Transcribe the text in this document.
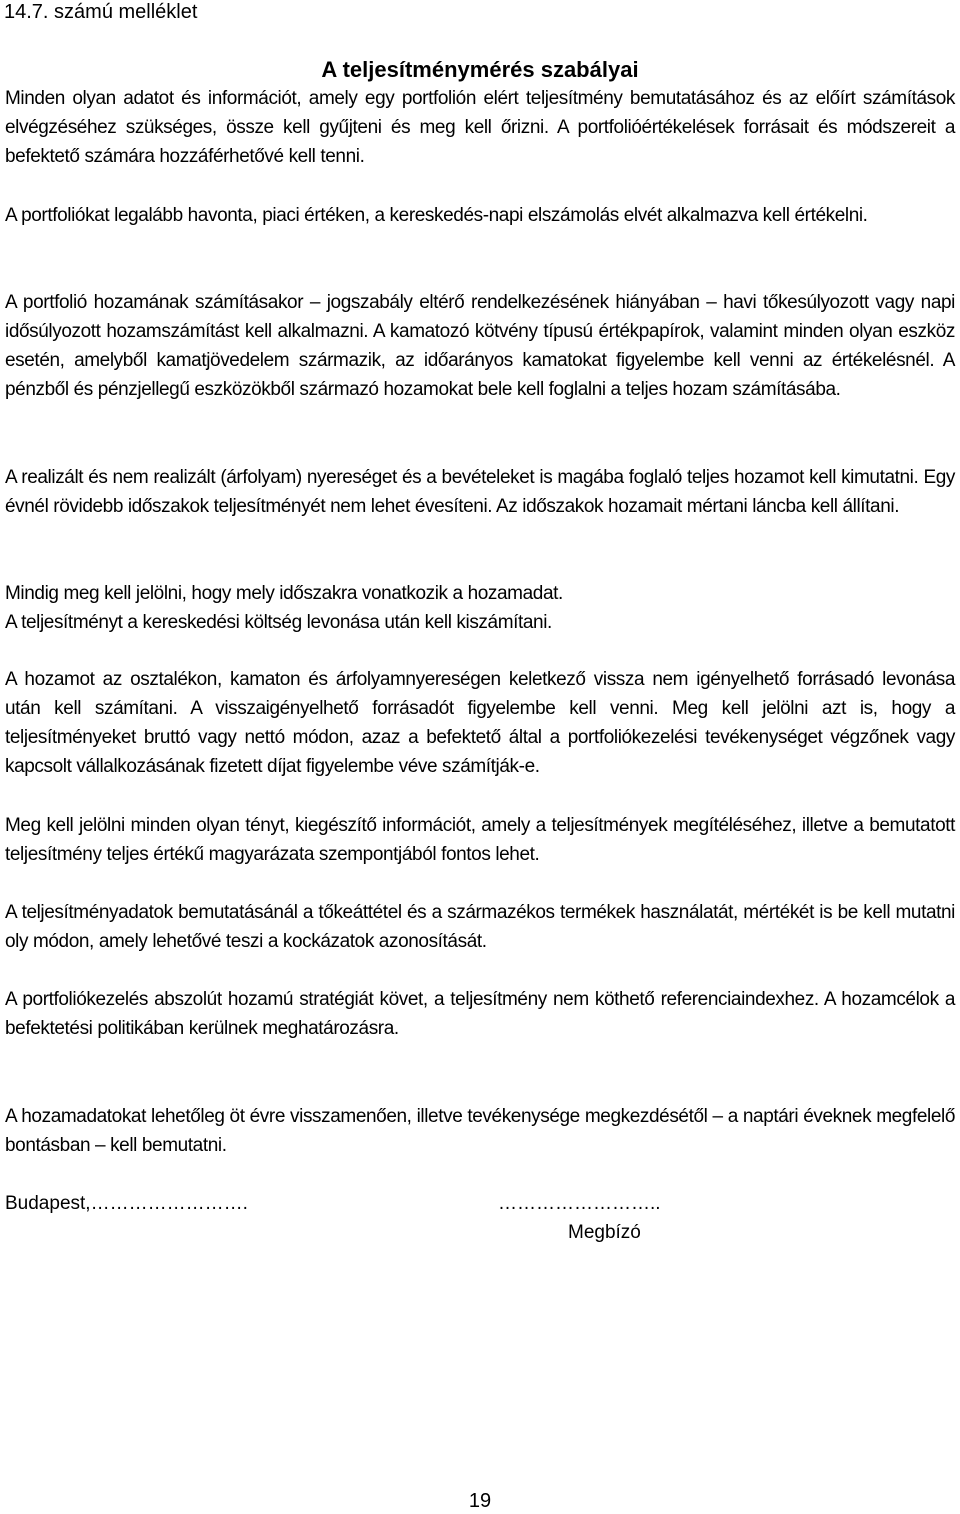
14.7. számú melléklet
A teljesítménymérés szabályai

Minden olyan adatot és információt, amely egy portfolión elért teljesítmény bemutatásához és az előírt számítások elvégzéséhez szükséges, össze kell gyűjteni és meg kell őrizni. A portfolióértékelések forrásait és módszereit a befektető számára hozzáférhetővé kell tenni.

A portfoliókat legalább havonta, piaci értéken, a kereskedés-napi elszámolás elvét alkalmazva kell értékelni.

A portfolió hozamának számításakor – jogszabály eltérő rendelkezésének hiányában – havi tőkesúlyozott vagy napi idősúlyozott hozamszámítást kell alkalmazni. A kamatozó kötvény típusú értékpapírok, valamint minden olyan eszköz esetén, amelyből kamatjövedelem származik, az időarányos kamatokat figyelembe kell venni az értékelésnél. A pénzből és pénzjellegű eszközökből származó hozamokat bele kell foglalni a teljes hozam számításába.

A realizált és nem realizált (árfolyam) nyereséget és a bevételeket is magába foglaló teljes hozamot kell kimutatni. Egy évnél rövidebb időszakok teljesítményét nem lehet évesíteni. Az időszakok hozamait mértani láncba kell állítani.

Mindig meg kell jelölni, hogy mely időszakra vonatkozik a hozamadat.

A teljesítményt a kereskedési költség levonása után kell kiszámítani.

A hozamot az osztalékon, kamaton és árfolyamnyereségen keletkező vissza nem igényelhető forrásadó levonása után kell számítani. A visszaigényelhető forrásadót figyelembe kell venni. Meg kell jelölni azt is, hogy a teljesítményeket bruttó vagy nettó módon, azaz a befektető által a portfoliókezelési tevékenységet végzőnek vagy kapcsolt vállalkozásának fizetett díjat figyelembe véve számítják-e.

Meg kell jelölni minden olyan tényt, kiegészítő információt, amely a teljesítmények megítéléséhez, illetve a bemutatott teljesítmény teljes értékű magyarázata szempontjából fontos lehet.

A teljesítményadatok bemutatásánál a tőkeáttétel és a származékos termékek használatát, mértékét is be kell mutatni oly módon, amely lehetővé teszi a kockázatok azonosítását.

A portfoliókezelés abszolút hozamú stratégiát követ, a teljesítmény nem köthető referenciaindexhez. A hozamcélok a befektetési politikában kerülnek meghatározásra.

A hozamadatokat lehetőleg öt évre visszamenően, illetve tevékenysége megkezdésétől – a naptári éveknek megfelelő bontásban – kell bemutatni.

Budapest,…………………….	……………………..
Megbízó
19
